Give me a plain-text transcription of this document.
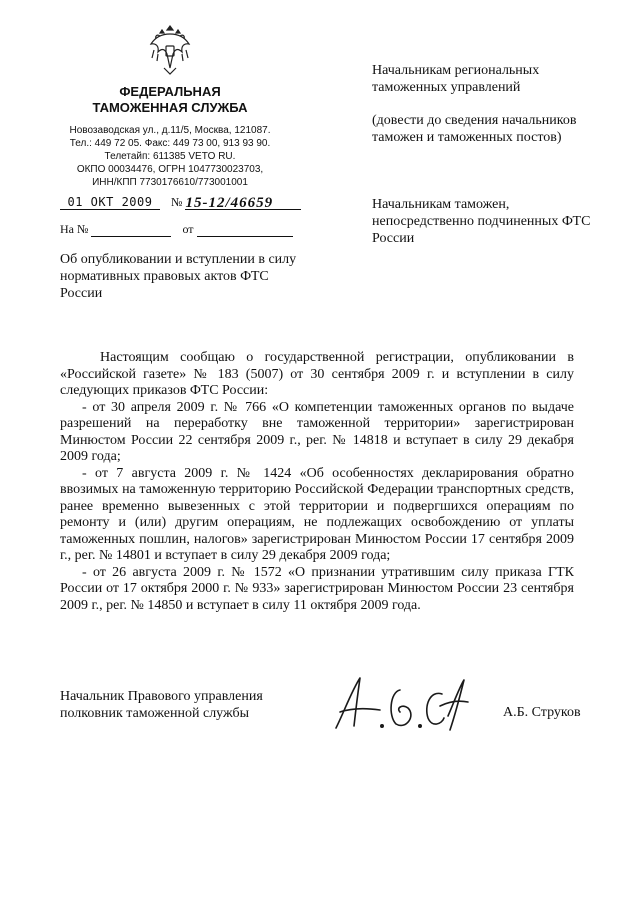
ФЕДЕРАЛЬНАЯ
ТАМОЖЕННАЯ СЛУЖБА
Новозаводская ул., д.11/5, Москва, 121087.
Тел.: 449 72 05. Факс: 449 73 00, 913 93 90.
Телетайп: 611385 VETO RU.
ОКПО 00034476, ОГРН 1047730023703,
ИНН/КПП 7730176610/773001001
01 ОКТ 2009 № 15-12/46659
На №	от
Об опубликовании и вступлении в силу нормативных правовых актов ФТС России
Начальникам региональных таможенных управлений
(довести до сведения начальников таможен и таможенных постов)
Начальникам таможен, непосредственно подчиненных ФТС России

Настоящим сообщаю о государственной регистрации, опубликовании в «Российской газете» № 183 (5007) от 30 сентября 2009 г. и вступлении в силу следующих приказов ФТС России:

- от 30 апреля 2009 г. № 766 «О компетенции таможенных органов по выдаче разрешений на переработку вне таможенной территории» зарегистрирован Минюстом России 22 сентября 2009 г., рег. № 14818 и вступает в силу 29 декабря 2009 года;

- от 7 августа 2009 г. № 1424 «Об особенностях декларирования обратно ввозимых на таможенную территорию Российской Федерации транспортных средств, ранее временно вывезенных с этой территории и подвергшихся операциям по ремонту и (или) другим операциям, не подлежащих освобождению от уплаты таможенных пошлин, налогов» зарегистрирован Минюстом России 17 сентября 2009 г., рег. № 14801 и вступает в силу 29 декабря 2009 года;

- от 26 августа 2009 г. № 1572 «О признании утратившим силу приказа ГТК России от 17 октября 2000 г. № 933» зарегистрирован Минюстом России 23 сентября 2009 г., рег. № 14850 и вступает в силу 11 октября 2009 года.

Начальник Правового управления
полковник таможенной службы	А.Б. Струков
